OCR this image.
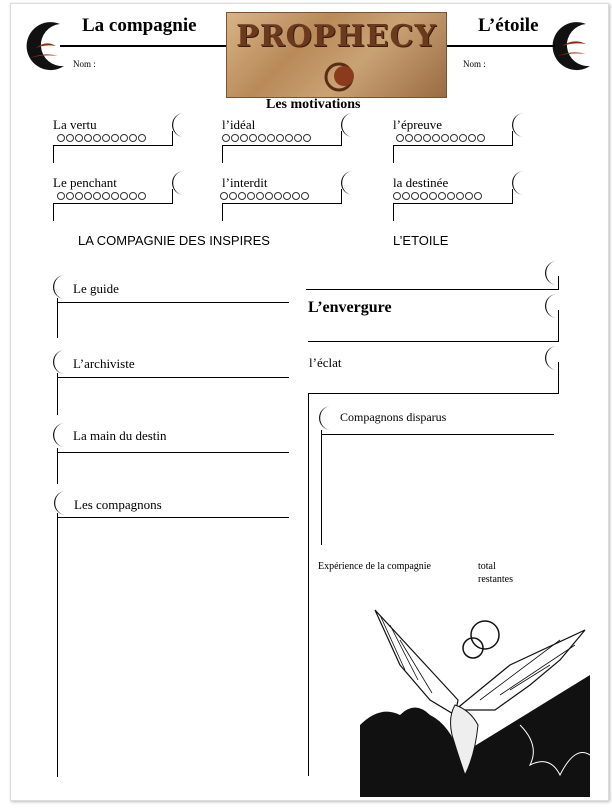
La compagnie	L’étoile
Nom :	Nom :
PROPHECY
Les motivations
La vertu	l’idéal	l’épreuve
Le penchant	l’interdit	la destinée
LA COMPAGNIE DES INSPIRES	L’ETOILE
Le guide
L’archiviste
La main du destin
Les compagnons
L’envergure
l’éclat
Compagnons disparus
Expérience de la compagnie	total
restantes
